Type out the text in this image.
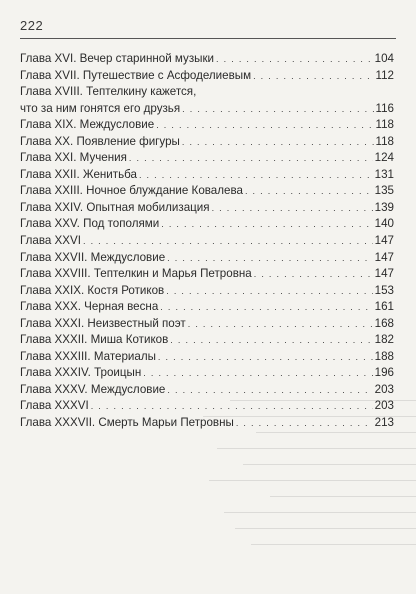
222
Глава XVI. Вечер старинной музыки . . .	104
Глава XVII. Путешествие с Асфоделиевым . . .	112
Глава XVIII. Тептелкину кажется,
что за ним гонятся его друзья . . .	116
Глава XIX. Междусловие . . .	118
Глава XX. Появление фигуры . . .	118
Глава XXI. Мучения . . .	124
Глава XXII. Женитьба . . .	131
Глава XXIII. Ночное блуждание Ковалева . . .	135
Глава XXIV. Опытная мобилизация . . .	139
Глава XXV. Под тополями . . .	140
Глава XXVI . . .	147
Глава XXVII. Междусловие . . .	147
Глава XXVIII. Тептелкин и Марья Петровна . . .	147
Глава XXIX. Костя Ротиков . . .	153
Глава XXX. Черная весна . . .	161
Глава XXXI. Неизвестный поэт . . .	168
Глава XXXII. Миша Котиков . . .	182
Глава XXXIII. Материалы . . .	188
Глава XXXIV. Троицын . . .	196
Глава XXXV. Междусловие . . .	203
Глава XXXVI . . .	203
Глава XXXVII. Смерть Марьи Петровны . . .	213
